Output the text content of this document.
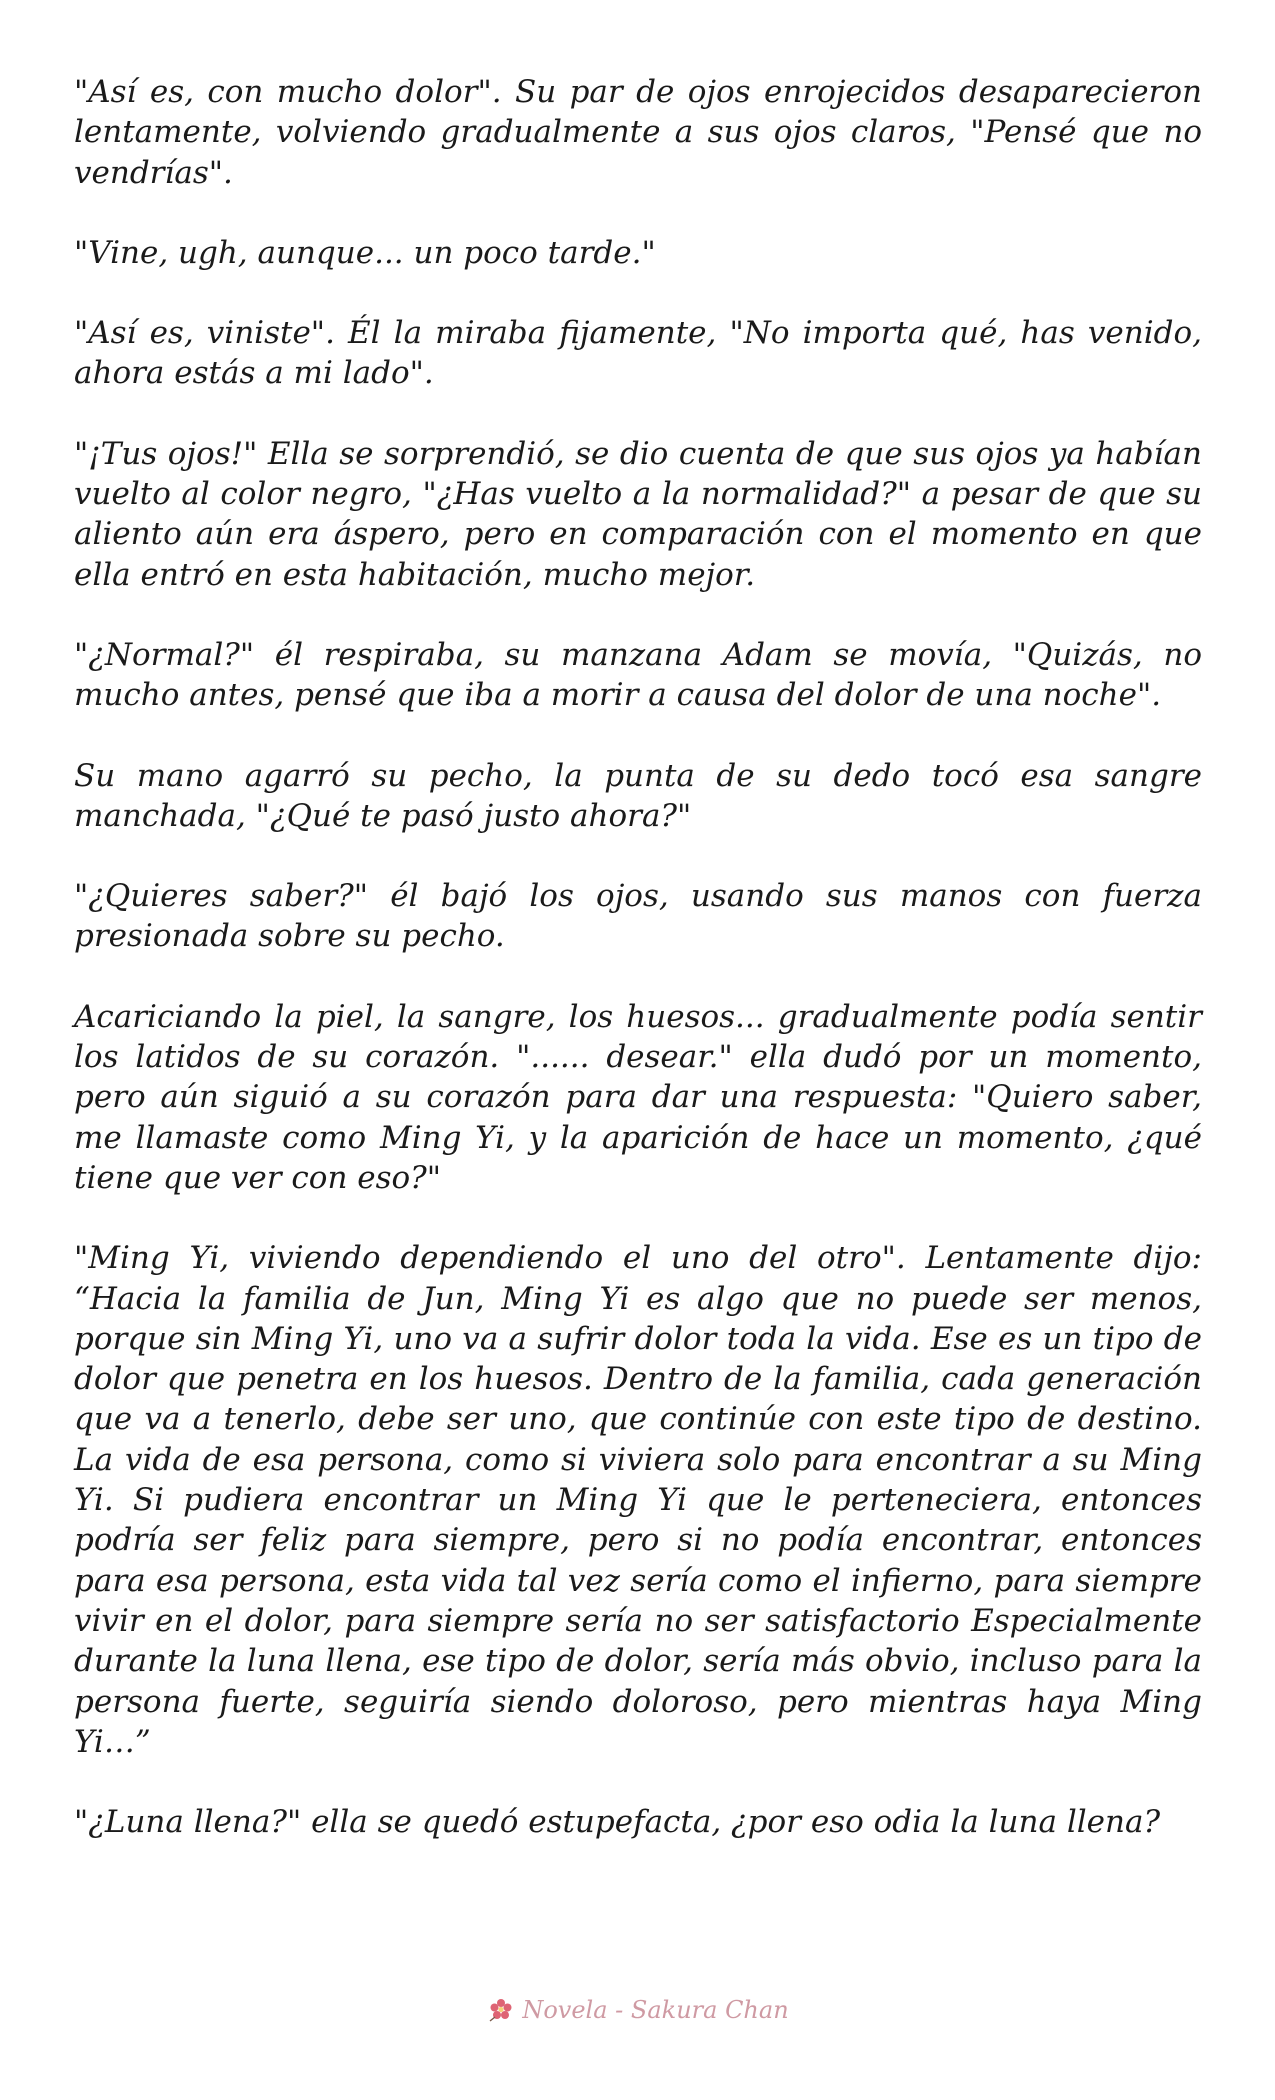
"Así es, con mucho dolor". Su par de ojos enrojecidos desaparecieron lentamente, volviendo gradualmente a sus ojos claros, "Pensé que no vendrías".

"Vine, ugh, aunque... un poco tarde."

"Así es, viniste". Él la miraba fijamente, "No importa qué, has venido, ahora estás a mi lado".

"¡Tus ojos!" Ella se sorprendió, se dio cuenta de que sus ojos ya habían vuelto al color negro, "¿Has vuelto a la normalidad?" a pesar de que su aliento aún era áspero, pero en comparación con el momento en que ella entró en esta habitación, mucho mejor.

"¿Normal?" él respiraba, su manzana Adam se movía, "Quizás, no mucho antes, pensé que iba a morir a causa del dolor de una noche".

Su mano agarró su pecho, la punta de su dedo tocó esa sangre manchada, "¿Qué te pasó justo ahora?"

"¿Quieres saber?" él bajó los ojos, usando sus manos con fuerza presionada sobre su pecho.

Acariciando la piel, la sangre, los huesos... gradualmente podía sentir los latidos de su corazón. "...... desear." ella dudó por un momento, pero aún siguió a su corazón para dar una respuesta: "Quiero saber, me llamaste como Ming Yi, y la aparición de hace un momento, ¿qué tiene que ver con eso?"

"Ming Yi, viviendo dependiendo el uno del otro". Lentamente dijo: “Hacia la familia de Jun, Ming Yi es algo que no puede ser menos, porque sin Ming Yi, uno va a sufrir dolor toda la vida. Ese es un tipo de dolor que penetra en los huesos. Dentro de la familia, cada generación que va a tenerlo, debe ser uno, que continúe con este tipo de destino. La vida de esa persona, como si viviera solo para encontrar a su Ming Yi. Si pudiera encontrar un Ming Yi que le perteneciera, entonces podría ser feliz para siempre, pero si no podía encontrar, entonces para esa persona, esta vida tal vez sería como el infierno, para siempre vivir en el dolor, para siempre sería no ser satisfactorio Especialmente durante la luna llena, ese tipo de dolor, sería más obvio, incluso para la persona fuerte, seguiría siendo doloroso, pero mientras haya Ming Yi…”

"¿Luna llena?" ella se quedó estupefacta, ¿por eso odia la luna llena?

Novela - Sakura Chan
